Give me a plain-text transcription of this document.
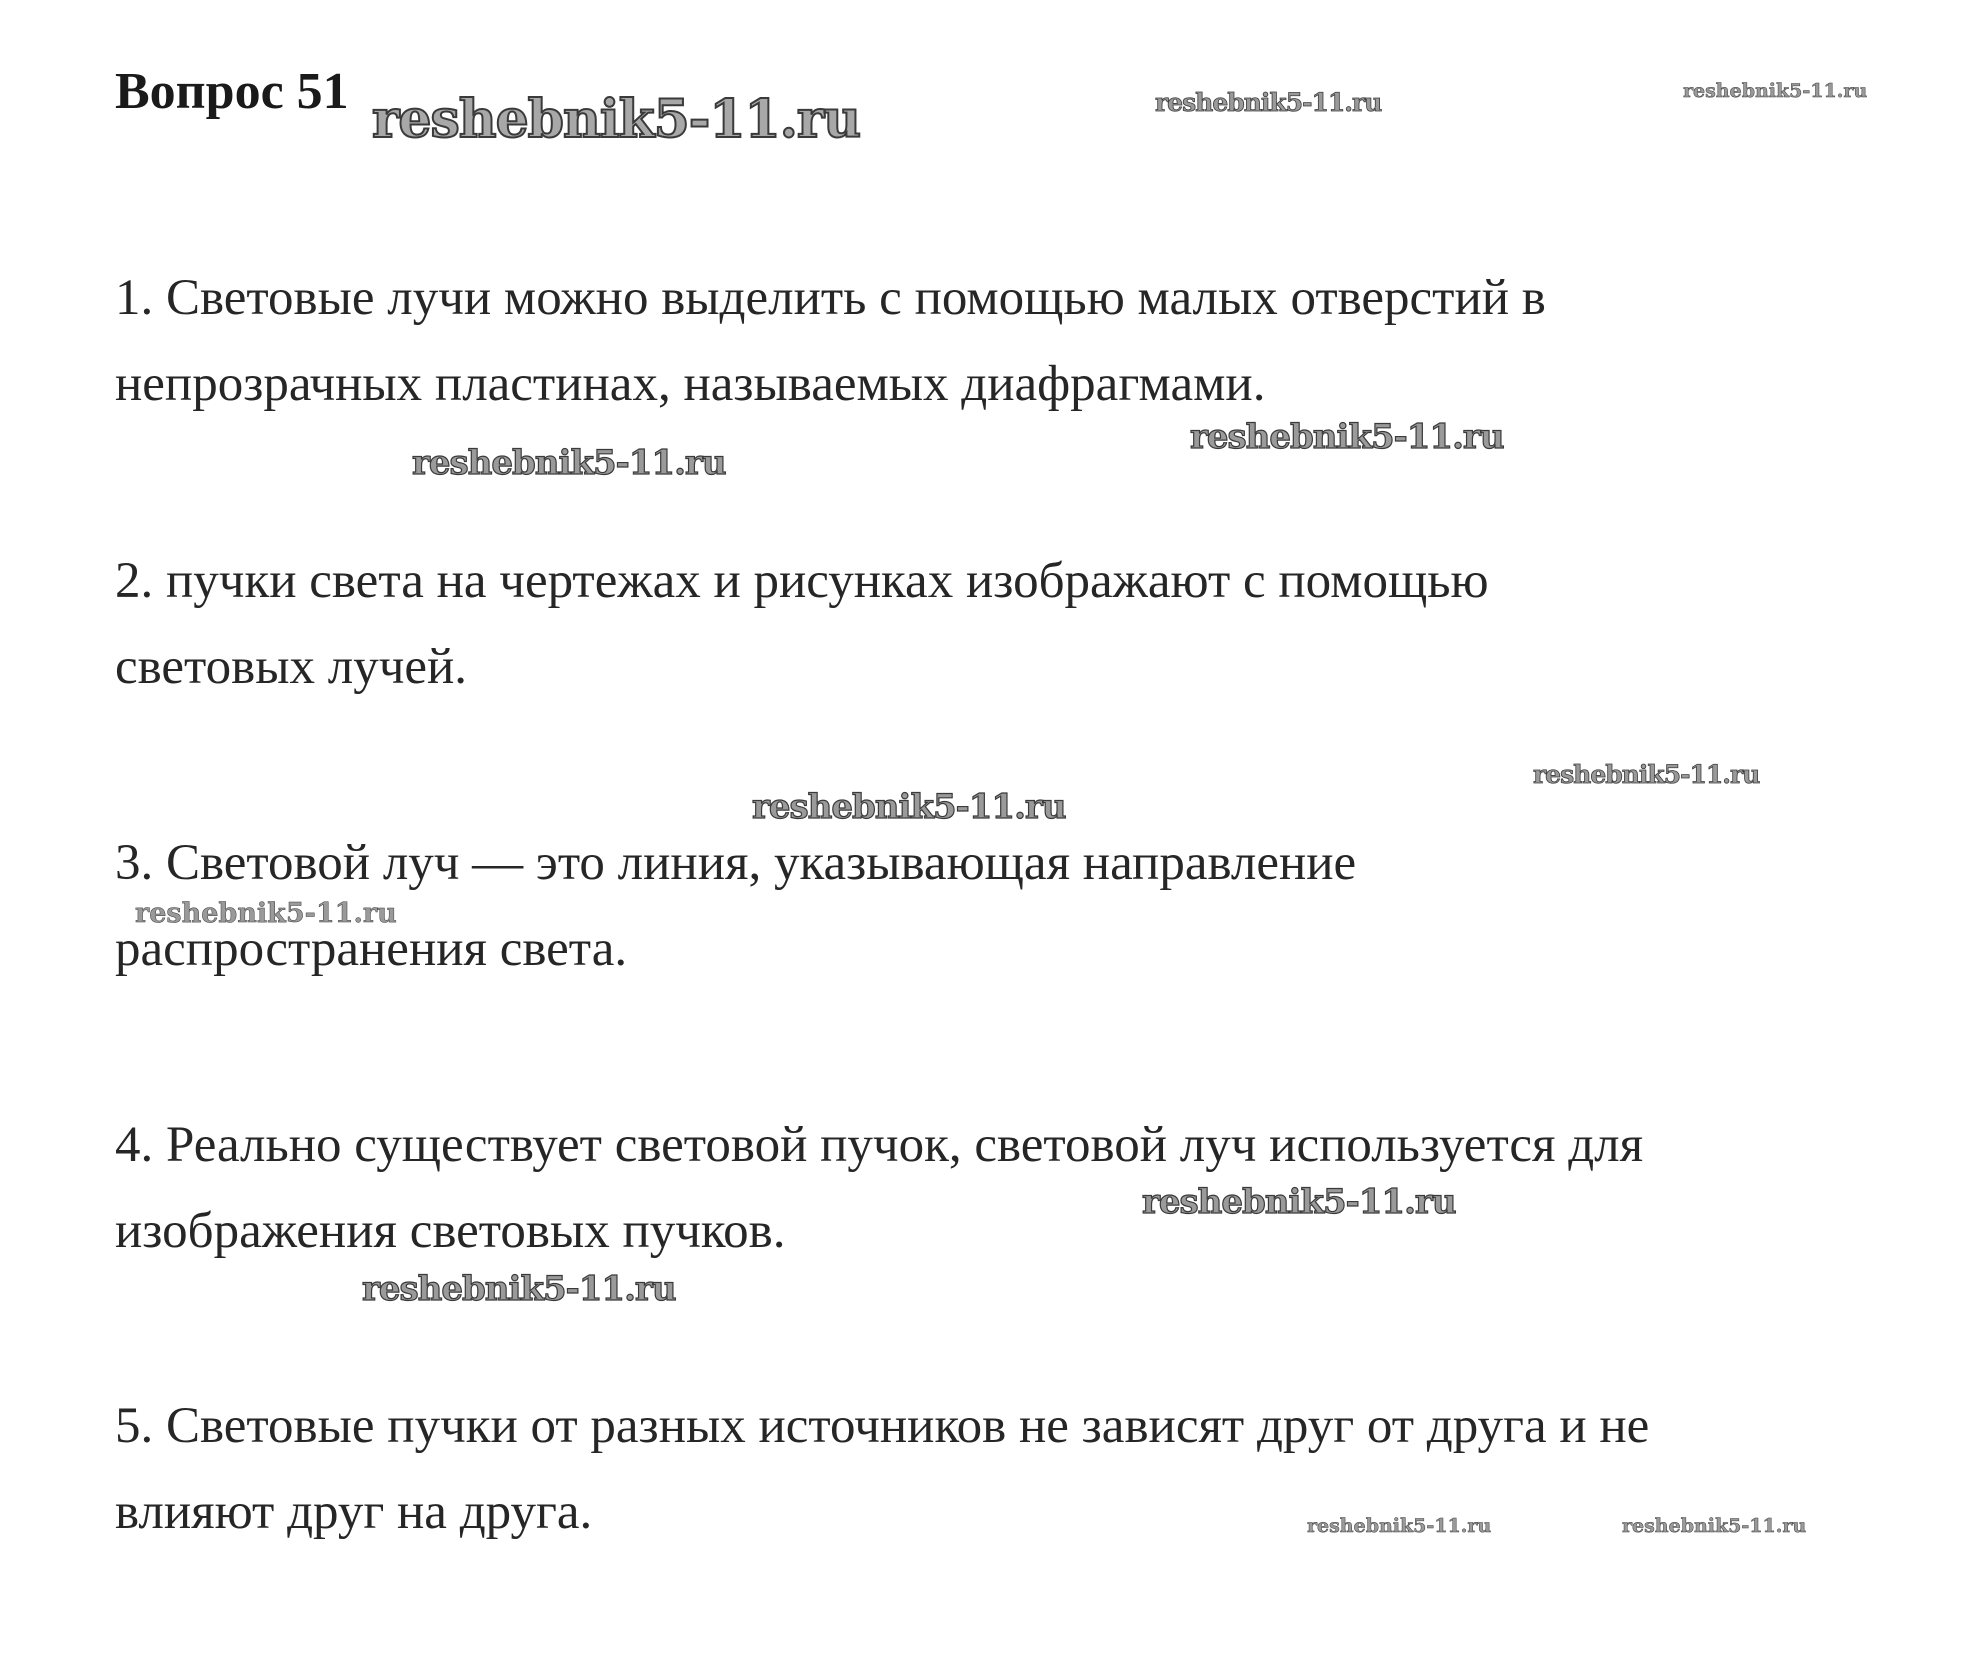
Вопрос 51
1. Световые лучи можно выделить с помощью малых отверстий в
непрозрачных пластинах, называемых диафрагмами.
2. пучки света на чертежах и рисунках изображают с помощью
световых лучей.
3. Световой луч — это линия, указывающая направление
распространения света.
4. Реально существует световой пучок, световой луч используется для
изображения световых пучков.
5. Световые пучки от разных источников не зависят друг от друга и не
влияют друг на друга.
reshebnik5-11.ru	reshebnik5-11.ru	reshebnik5-11.ru
reshebnik5-11.ru
reshebnik5-11.ru
reshebnik5-11.ru
reshebnik5-11.ru
reshebnik5-11.ru
reshebnik5-11.ru
reshebnik5-11.ru
reshebnik5-11.ru	reshebnik5-11.ru
